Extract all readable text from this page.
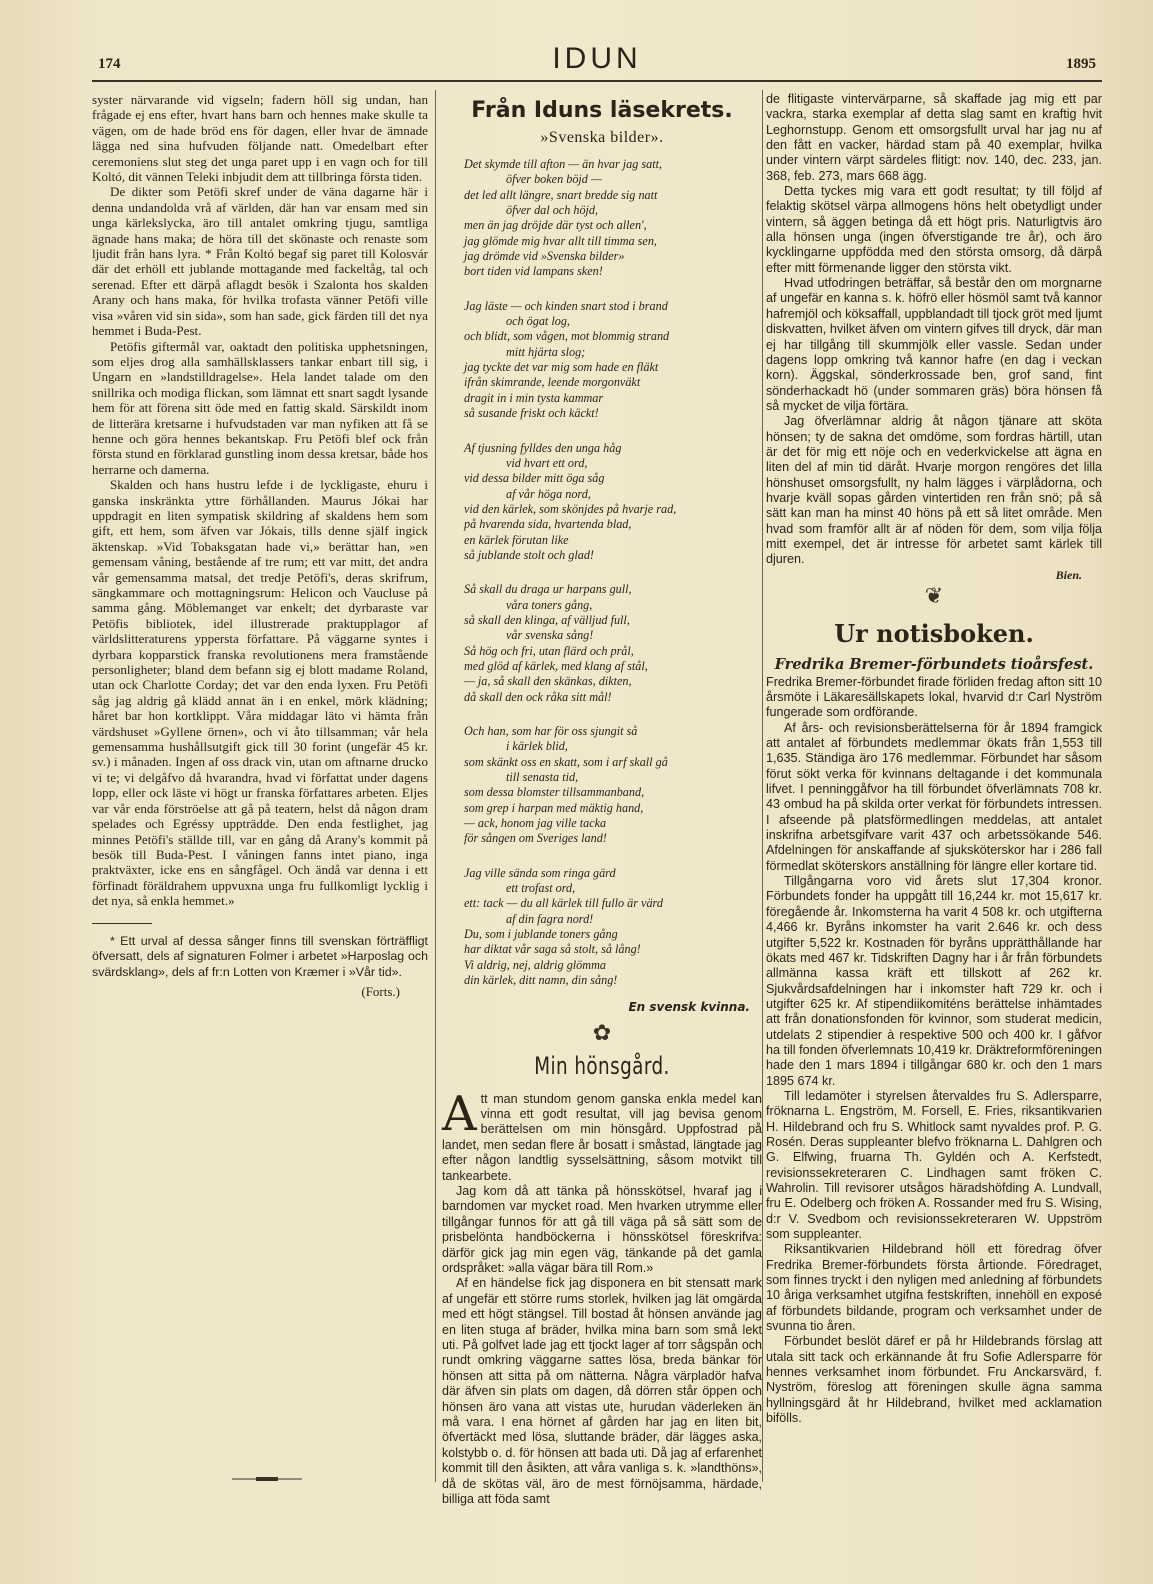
174	IDUN	1895

syster närvarande vid vigseln; fadern höll sig undan, han frågade ej ens efter, hvart hans barn och hennes make skulle ta vägen, om de hade bröd ens för dagen, eller hvar de ämnade lägga ned sina hufvuden följande natt. Omedelbart efter ceremoniens slut steg det unga paret upp i en vagn och for till Koltó, dit vännen Teleki inbjudit dem att tillbringa första tiden.

De dikter som Petöfi skref under de väna dagarne här i denna undandolda vrå af världen, där han var ensam med sin unga kärlekslycka, äro till antalet omkring tjugu, samtliga ägnade hans maka; de höra till det skönaste och renaste som ljudit från hans lyra. * Från Koltó begaf sig paret till Kolosvár där det erhöll ett jublande mottagande med fackeltåg, tal och serenad. Efter ett därpå aflagdt besök i Szalonta hos skalden Arany och hans maka, för hvilka trofasta vänner Petöfi ville visa »våren vid sin sida», som han sade, gick färden till det nya hemmet i Buda-Pest.

Petöfis giftermål var, oaktadt den politiska upphetsningen, som eljes drog alla samhällsklassers tankar enbart till sig, i Ungarn en »landstilldragelse». Hela landet talade om den snillrika och modiga flickan, som lämnat ett snart sagdt lysande hem för att förena sitt öde med en fattig skald. Särskildt inom de litterära kretsarne i hufvudstaden var man nyfiken att få se henne och göra hennes bekantskap. Fru Petöfi blef ock från första stund en förklarad gunstling inom dessa kretsar, både hos herrarne och damerna.

Skalden och hans hustru lefde i de lyckligaste, ehuru i ganska inskränkta yttre förhållanden. Maurus Jókai har uppdragit en liten sympatisk skildring af skaldens hem som gift, ett hem, som äfven var Jókais, tills denne själf ingick äktenskap. »Vid Tobaksgatan hade vi,» berättar han, »en gemensam våning, bestående af tre rum; ett var mitt, det andra vår gemensamma matsal, det tredje Petöfi's, deras skrifrum, sängkammare och mottagningsrum: Helicon och Vaucluse på samma gång. Möblemanget var enkelt; det dyrbaraste var Petöfis bibliotek, idel illustrerade praktupplagor af världslitteraturens yppersta författare. På väggarne syntes i dyrbara kopparstick franska revolutionens mera framstående personligheter; bland dem befann sig ej blott madame Roland, utan ock Charlotte Corday; det var den enda lyxen. Fru Petöfi såg jag aldrig gå klädd annat än i en enkel, mörk klädning; håret bar hon kortklippt. Våra middagar läto vi hämta från värdshuset »Gyllene örnen», och vi åto tillsamman; vår hela gemensamma hushållsutgift gick till 30 forint (ungefär 45 kr. sv.) i månaden. Ingen af oss drack vin, utan om aftnarne drucko vi te; vi delgåfvo då hvarandra, hvad vi författat under dagens lopp, eller ock läste vi högt ur franska författares arbeten. Eljes var vår enda förströelse att gå på teatern, helst då någon dram spelades och Egréssy uppträdde. Den enda festlighet, jag minnes Petöfi's ställde till, var en gång då Arany's kommit på besök till Buda-Pest. I våningen fanns intet piano, inga praktväxter, icke ens en sångfågel. Och ändå var denna i ett förfinadt föräldrahem uppvuxna unga fru fullkomligt lycklig i det nya, så enkla hemmet.»

* Ett urval af dessa sånger finns till svenskan förträffligt öfversatt, dels af signaturen Folmer i arbetet »Harposlag och svärdsklang», dels af fr:n Lotten von Kræmer i »Vår tid».

(Forts.)
Från Iduns läsekrets.
»Svenska bilder».
Det skymde till afton — än hvar jag satt,
öfver boken böjd —
det led allt längre, snart bredde sig natt
öfver dal och höjd,
men än jag dröjde där tyst och allen',
jag glömde mig hvar allt till timma sen,
jag drömde vid »Svenska bilder»
bort tiden vid lampans sken!
Jag läste — och kinden snart stod i brand
och ögat log,
och blidt, som vågen, mot blommig strand
mitt hjärta slog;
jag tyckte det var mig som hade en fläkt
ifrån skimrande, leende morgonväkt
dragit in i min tysta kammar
så susande friskt och käckt!
Af tjusning fylldes den unga håg
vid hvart ett ord,
vid dessa bilder mitt öga såg
af vår höga nord,
vid den kärlek, som skönjdes på hvarje rad,
på hvarenda sida, hvartenda blad,
en kärlek förutan like
så jublande stolt och glad!
Så skall du draga ur harpans gull,
våra toners gång,
så skall den klinga, af välljud full,
vår svenska sång!
Så hög och fri, utan flärd och prål,
med glöd af kärlek, med klang af stål,
— ja, så skall den skänkas, dikten,
då skall den ock råka sitt mål!
Och han, som har för oss sjungit så
i kärlek blid,
som skänkt oss en skatt, som i arf skall gå
till senasta tid,
som dessa blomster tillsammanband,
som grep i harpan med mäktig hand,
— ack, honom jag ville tacka
för sången om Sveriges land!
Jag ville sända som ringa gärd
ett trofast ord,
ett: tack — du all kärlek till fullo är värd
af din fagra nord!
Du, som i jublande toners gång
har diktat vår saga så stolt, så lång!
Vi aldrig, nej, aldrig glömma
din kärlek, ditt namn, din sång!
En svensk kvinna.
✿
Min hönsgård.
A tt man stundom genom ganska enkla medel kan vinna ett godt resultat, vill jag bevisa genom berättelsen om min hönsgård. Uppfostrad på landet, men sedan flere år bosatt i småstad, längtade jag efter någon landtlig sysselsättning, såsom motvikt till tankearbete.

Jag kom då att tänka på hönsskötsel, hvaraf jag i barndomen var mycket road. Men hvarken utrymme eller tillgångar funnos för att gå till väga på så sätt som de prisbelönta handböckerna i hönsskötsel föreskrifva: därför gick jag min egen väg, tänkande på det gamla ordspråket: »alla vägar bära till Rom.»

Af en händelse fick jag disponera en bit stensatt mark af ungefär ett större rums storlek, hvilken jag lät omgärda med ett högt stängsel. Till bostad åt hönsen använde jag en liten stuga af bräder, hvilka mina barn som små lekt uti. På golfvet lade jag ett tjockt lager af torr sågspån och rundt omkring väggarne sattes lösa, breda bänkar för hönsen att sitta på om nätterna. Några värpladör hafva där äfven sin plats om dagen, då dörren står öppen och hönsen äro vana att vistas ute, hurudan väderleken än må vara. I ena hörnet af gården har jag en liten bit, öfvertäckt med lösa, sluttande bräder, där lägges aska, kolstybb o. d. för hönsen att bada uti. Då jag af erfarenhet kommit till den åsikten, att våra vanliga s. k. »landthöns», då de skötas väl, äro de mest förnöjsamma, härdade, billiga att föda samt

de flitigaste vintervärparne, så skaffade jag mig ett par vackra, starka exemplar af detta slag samt en kraftig hvit Leghornstupp. Genom ett omsorgsfullt urval har jag nu af den fått en vacker, härdad stam på 40 exemplar, hvilka under vintern värpt särdeles flitigt: nov. 140, dec. 233, jan. 368, feb. 273, mars 668 ägg.

Detta tyckes mig vara ett godt resultat; ty till följd af felaktig skötsel värpa allmogens höns helt obetydligt under vintern, så äggen betinga då ett högt pris. Naturligtvis äro alla hönsen unga (ingen öfverstigande tre år), och äro kycklingarne uppfödda med den största omsorg, då därpå efter mitt förmenande ligger den största vikt.

Hvad utfodringen beträffar, så består den om morgnarne af ungefär en kanna s. k. höfrö eller hösmöl samt två kannor hafremjöl och köksaffall, uppblandadt till tjock gröt med ljumt diskvatten, hvilket äfven om vintern gifves till dryck, där man ej har tillgång till skummjölk eller vassle. Sedan under dagens lopp omkring två kannor hafre (en dag i veckan korn). Äggskal, sönderkrossade ben, grof sand, fint sönderhackadt hö (under sommaren gräs) böra hönsen få så mycket de vilja förtära.

Jag öfverlämnar aldrig åt någon tjänare att sköta hönsen; ty de sakna det omdöme, som fordras härtill, utan är det för mig ett nöje och en vederkvickelse att ägna en liten del af min tid däråt. Hvarje morgon rengöres det lilla hönshuset omsorgsfullt, ny halm lägges i värplådorna, och hvarje kväll sopas gården vintertiden ren från snö; på så sätt kan man ha minst 40 höns på ett så litet område. Men hvad som framför allt är af nöden för dem, som vilja följa mitt exempel, det är intresse för arbetet samt kärlek till djuren.

Bien.
❦
Ur notisboken.
Fredrika Bremer-förbundets tioårsfest.

Fredrika Bremer-förbundet firade förliden fredag afton sitt 10 årsmöte i Läkaresällskapets lokal, hvarvid d:r Carl Nyström fungerade som ordförande.

Af års- och revisionsberättelserna för år 1894 framgick att antalet af förbundets medlemmar ökats från 1,553 till 1,635. Ständiga äro 176 medlemmar. Förbundet har såsom förut sökt verka för kvinnans deltagande i det kommunala lifvet. I penninggåfvor ha till förbundet öfverlämnats 708 kr. 43 ombud ha på skilda orter verkat för förbundets intressen. I afseende på platsförmedlingen meddelas, att antalet inskrifna arbetsgifvare varit 437 och arbetssökande 546. Afdelningen för anskaffande af sjuksköterskor har i 286 fall förmedlat sköterskors anställning för längre eller kortare tid.

Tillgångarna voro vid årets slut 17,304 kronor. Förbundets fonder ha uppgått till 16,244 kr. mot 15,617 kr. föregående år. Inkomsterna ha varit 4 508 kr. och utgifterna 4,466 kr. Byråns inkomster ha varit 2.646 kr. och dess utgifter 5,522 kr. Kostnaden för byråns upprätthållande har ökats med 467 kr. Tidskriften Dagny har i år från förbundets allmänna kassa kräft ett tillskott af 262 kr. Sjukvårdsafdelningen har i inkomster haft 729 kr. och i utgifter 625 kr. Af stipendiikomiténs berättelse inhämtades att från donationsfonden för kvinnor, som studerat medicin, utdelats 2 stipendier à respektive 500 och 400 kr. I gåfvor ha till fonden öfverlemnats 10,419 kr. Dräktreformföreningen hade den 1 mars 1894 i tillgångar 680 kr. och den 1 mars 1895 674 kr.

Till ledamöter i styrelsen återvaldes fru S. Adlersparre, fröknarna L. Engström, M. Forsell, E. Fries, riksantikvarien H. Hildebrand och fru S. Whitlock samt nyvaldes prof. P. G. Rosén. Deras suppleanter blefvo fröknarna L. Dahlgren och G. Elfwing, fruarna Th. Gyldén och A. Kerfstedt, revisionssekreteraren C. Lindhagen samt fröken C. Wahrolin. Till revisorer utsågos häradshöfding A. Lundvall, fru E. Odelberg och fröken A. Rossander med fru S. Wising, d:r V. Svedbom och revisionssekreteraren W. Uppström som suppleanter.

Riksantikvarien Hildebrand höll ett föredrag öfver Fredrika Bremer-förbundets första årtionde. Föredraget, som finnes tryckt i den nyligen med anledning af förbundets 10 åriga verksamhet utgifna festskriften, innehöll en exposé af förbundets bildande, program och verksamhet under de svunna tio åren.

Förbundet beslöt däref er på hr Hildebrands förslag att utala sitt tack och erkännande åt fru Sofie Adlersparre för hennes verksamhet inom förbundet. Fru Anckarsvärd, f. Nyström, föreslog att föreningen skulle ägna samma hyllningsgärd åt hr Hildebrand, hvilket med acklamation bifölls.
